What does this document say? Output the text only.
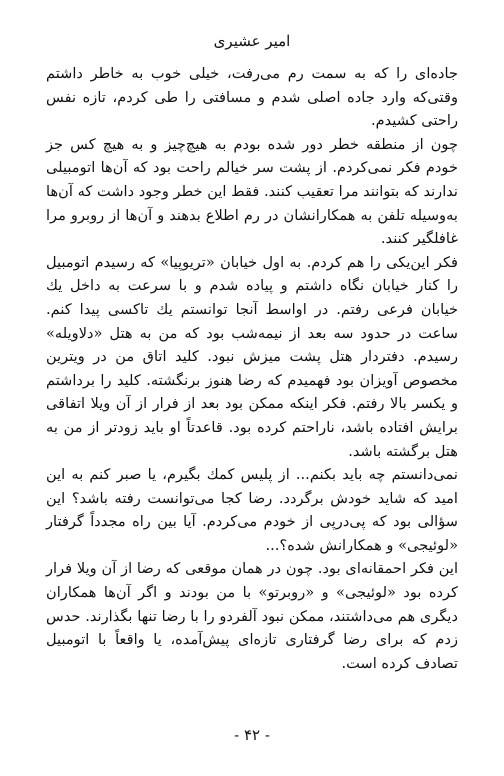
امیر عشیری

جاده‌ای را که به سمت رم می‌رفت، خیلی خوب به خاطر داشتم وقتی‌که وارد جاده اصلی شدم و مسافتی را طی کردم، تازه نفس راحتی کشیدم.

چون از منطقه خطر دور شده بودم به هیچ‌چیز و به هیچ کس جز خودم فکر نمی‌کردم. از پشت سر خیالم راحت بود که آن‌ها اتومبیلی ندارند که بتوانند مرا تعقیب کنند. فقط این خطر وجود داشت که آن‌ها به‌وسیله تلفن به همکارانشان در رم اطلاع بدهند و آن‌ها از روبرو مرا غافلگیر کنند.

فکر این‌یکی را هم کردم. به اول خیابان «تریوپیا» که رسیدم اتومبیل را کنار خیابان نگاه داشتم و پیاده شدم و با سرعت به داخل یك خیابان فرعی رفتم. در اواسط آنجا توانستم یك تاکسی پیدا کنم. ساعت در حدود سه بعد از نیمه‌شب بود که من به هتل «دلاویله» رسیدم. دفتردار هتل پشت میزش نبود. کلید اتاق من در ویترین مخصوص آویزان بود فهمیدم که رضا هنوز برنگشته. کلید را برداشتم و یکسر بالا رفتم. فکر اینکه ممکن بود بعد از فرار از آن ویلا اتفاقی برایش افتاده باشد، ناراحتم کرده بود. قاعدتاً او باید زودتر از من به هتل برگشته باشد.

نمی‌دانستم چه باید بکنم... از پلیس کمك بگیرم، یا صبر کنم به این امید که شاید خودش برگردد. رضا کجا می‌توانست رفته باشد؟ این سؤالی بود که پی‌درپی از خودم می‌کردم. آیا بین راه مجدداً گرفتار «لوئیجی» و همکارانش شده؟...

این فکر احمقانه‌ای بود. چون در همان موقعی که رضا از آن ویلا فرار کرده بود «لوئیجی» و «روبرتو» با من بودند و اگر آن‌ها همکاران دیگری هم می‌داشتند، ممکن نبود آلفردو را با رضا تنها بگذارند. حدس زدم که برای رضا گرفتاری تازه‌ای پیش‌آمده، یا واقعاً با اتومبیل تصادف کرده است.

- ۴۲ -
